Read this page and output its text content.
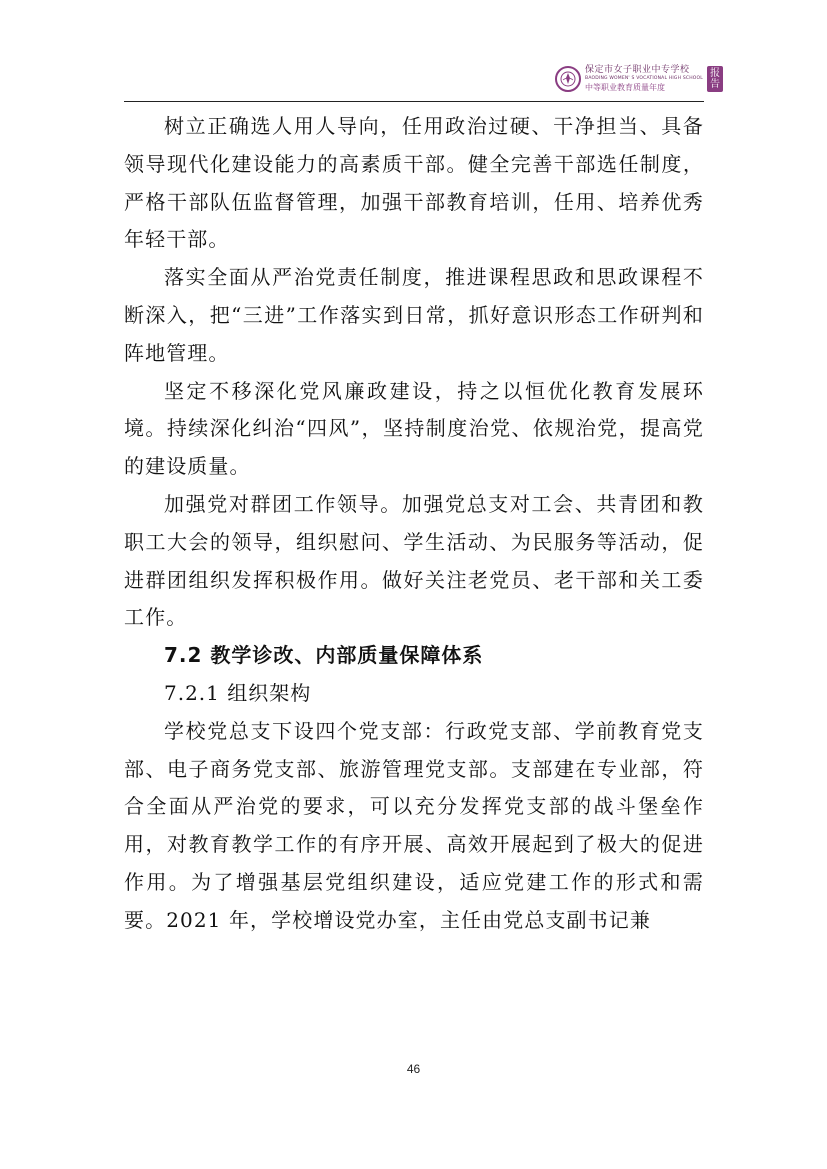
保定市女子职业中专学校
BAODING WOMEN' S VOCATIONAL HIGH SCHOOL
中等职业教育质量年度
报告

树立正确选人用人导向，任用政治过硬、干净担当、具备领导现代化建设能力的高素质干部。健全完善干部选任制度，严格干部队伍监督管理，加强干部教育培训，任用、培养优秀年轻干部。

落实全面从严治党责任制度，推进课程思政和思政课程不断深入，把“三进”工作落实到日常，抓好意识形态工作研判和阵地管理。

坚定不移深化党风廉政建设，持之以恒优化教育发展环境。持续深化纠治“四风”，坚持制度治党、依规治党，提高党的建设质量。

加强党对群团工作领导。加强党总支对工会、共青团和教职工大会的领导，组织慰问、学生活动、为民服务等活动，促进群团组织发挥积极作用。做好关注老党员、老干部和关工委工作。

7.2 教学诊改、内部质量保障体系

7.2.1 组织架构

学校党总支下设四个党支部：行政党支部、学前教育党支部、电子商务党支部、旅游管理党支部。支部建在专业部，符合全面从严治党的要求，可以充分发挥党支部的战斗堡垒作用，对教育教学工作的有序开展、高效开展起到了极大的促进作用。为了增强基层党组织建设，适应党建工作的形式和需要。2021 年，学校增设党办室，主任由党总支副书记兼

46
